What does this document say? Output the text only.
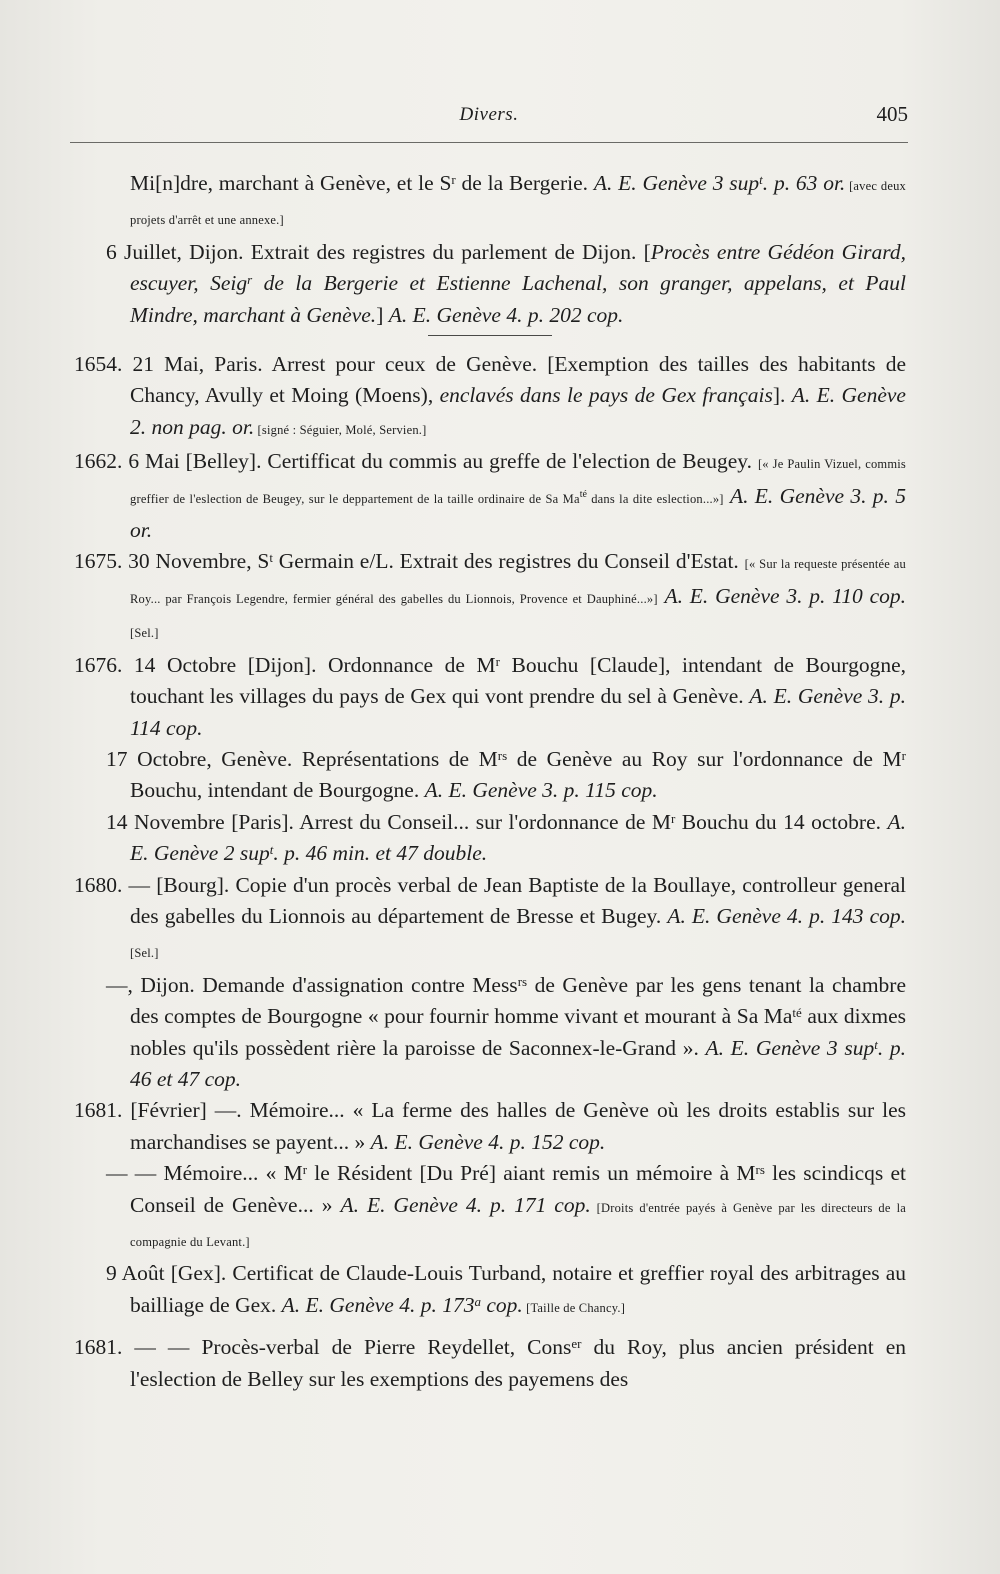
Divers.	405

Mi[n]dre, marchant à Genève, et le $S^r$ de la Bergerie. A. E. Genève 3 sup$^t$. p. 63 or. [avec deux projets d'arrêt et une annexe.]

6 Juillet, Dijon. Extrait des registres du parlement de Dijon. [Procès entre Gédéon Girard, escuyer, Seig$^r$ de la Bergerie et Estienne Lachenal, son granger, appelans, et Paul Mindre, marchant à Genève.] A. E. Genève 4. p. 202 cop.

1654. 21 Mai, Paris. Arrest pour ceux de Genève. [Exemption des tailles des habitants de Chancy, Avully et Moing (Moens), enclavés dans le pays de Gex français]. A. E. Genève 2. non pag. or. [signé : Séguier, Molé, Servien.]

1662. 6 Mai [Belley]. Certifficat du commis au greffe de l'election de Beugey. [« Je Paulin Vizuel, commis greffier de l'eslection de Beugey, sur le deppartement de la taille ordinaire de Sa $Ma^{té}$ dans la dite eslection...»] A. E. Genève 3. p. 5 or.

1675. 30 Novembre, $S^t$ Germain e/L. Extrait des registres du Conseil d'Estat. [« Sur la requeste présentée au Roy... par François Legendre, fermier général des gabelles du Lionnois, Provence et Dauphiné...»] A. E. Genève 3. p. 110 cop. [Sel.]

1676. 14 Octobre [Dijon]. Ordonnance de $M^r$ Bouchu [Claude], intendant de Bourgogne, touchant les villages du pays de Gex qui vont prendre du sel à Genève. A. E. Genève 3. p. 114 cop.

17 Octobre, Genève. Représentations de $M^{rs}$ de Genève au Roy sur l'ordonnance de $M^r$ Bouchu, intendant de Bourgogne. A. E. Genève 3. p. 115 cop.

14 Novembre [Paris]. Arrest du Conseil... sur l'ordonnance de $M^r$ Bouchu du 14 octobre. A. E. Genève 2 sup$^t$. p. 46 min. et 47 double.

1680. — [Bourg]. Copie d'un procès verbal de Jean Baptiste de la Boullaye, controlleur general des gabelles du Lionnois au département de Bresse et Bugey. A. E. Genève 4. p. 143 cop. [Sel.]

—, Dijon. Demande d'assignation contre Mess$^{rs}$ de Genève par les gens tenant la chambre des comptes de Bourgogne « pour fournir homme vivant et mourant à Sa $Ma^{té}$ aux dixmes nobles qu'ils possèdent rière la paroisse de Saconnex-le-Grand ». A. E. Genève 3 sup$^t$. p. 46 et 47 cop.

1681. [Février] —. Mémoire... « La ferme des halles de Genève où les droits establis sur les marchandises se payent... » A. E. Genève 4. p. 152 cop.

— — Mémoire... « $M^r$ le Résident [Du Pré] aiant remis un mémoire à $M^{rs}$ les scindicqs et Conseil de Genève... » A. E. Genève 4. p. 171 cop. [Droits d'entrée payés à Genève par les directeurs de la compagnie du Levant.]

9 Août [Gex]. Certificat de Claude-Louis Turband, notaire et greffier royal des arbitrages au bailliage de Gex. A. E. Genève 4. p. 173$^a$ cop. [Taille de Chancy.]

1681. — — Procès-verbal de Pierre Reydellet, Cons$^{er}$ du Roy, plus ancien président en l'eslection de Belley sur les exemptions des payemens des
